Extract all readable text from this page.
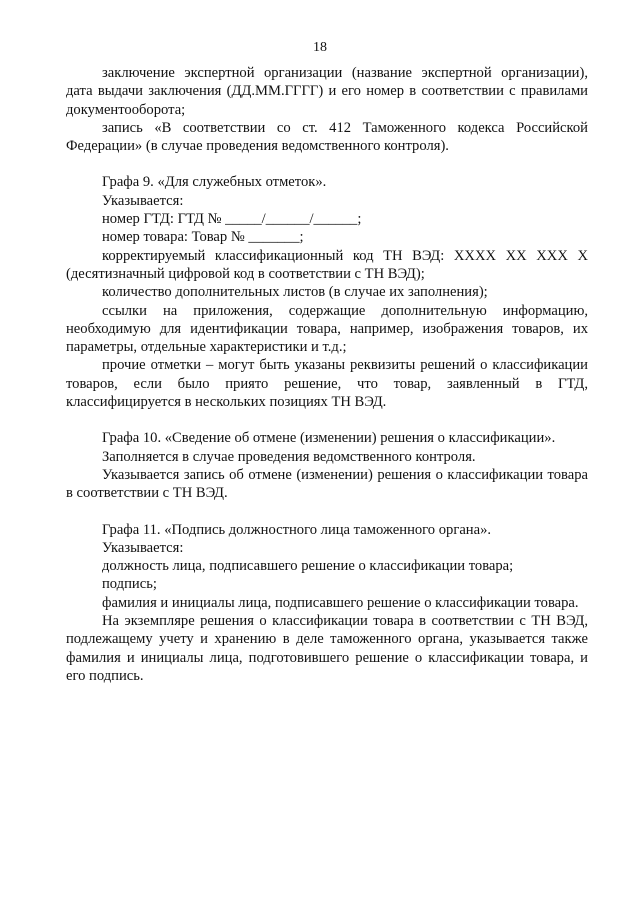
18

заключение экспертной организации (название экспертной организации), дата выдачи заключения (ДД.ММ.ГГГГ) и его номер в соответствии с правилами документооборота;

запись «В соответствии со ст. 412 Таможенного кодекса Российской Федерации» (в случае проведения ведомственного контроля).

Графа 9. «Для служебных отметок».

Указывается:

номер ГТД: ГТД № _____/______/______;

номер товара: Товар № _______;

корректируемый классификационный код ТН ВЭД: XXXX XX XXX X (десятизначный цифровой код в соответствии с ТН ВЭД);

количество дополнительных листов (в случае их заполнения);

ссылки на приложения, содержащие дополнительную информацию, необходимую для идентификации товара, например, изображения товаров, их параметры, отдельные характеристики и т.д.;

прочие отметки – могут быть указаны реквизиты решений о классификации товаров, если было приято решение, что товар, заявленный в ГТД, классифицируется в нескольких позициях ТН ВЭД.

Графа 10. «Сведение об отмене (изменении) решения о классификации».

Заполняется в случае проведения ведомственного контроля.

Указывается запись об отмене (изменении) решения о классификации товара в соответствии с ТН ВЭД.

Графа 11. «Подпись должностного лица таможенного органа».

Указывается:

должность лица, подписавшего решение о классификации товара;

подпись;

фамилия и инициалы лица, подписавшего решение о классификации товара.

На экземпляре решения о классификации товара в соответствии с ТН ВЭД, подлежащему учету и хранению в деле таможенного органа, указывается также фамилия и инициалы лица, подготовившего решение о классификации товара, и его подпись.
